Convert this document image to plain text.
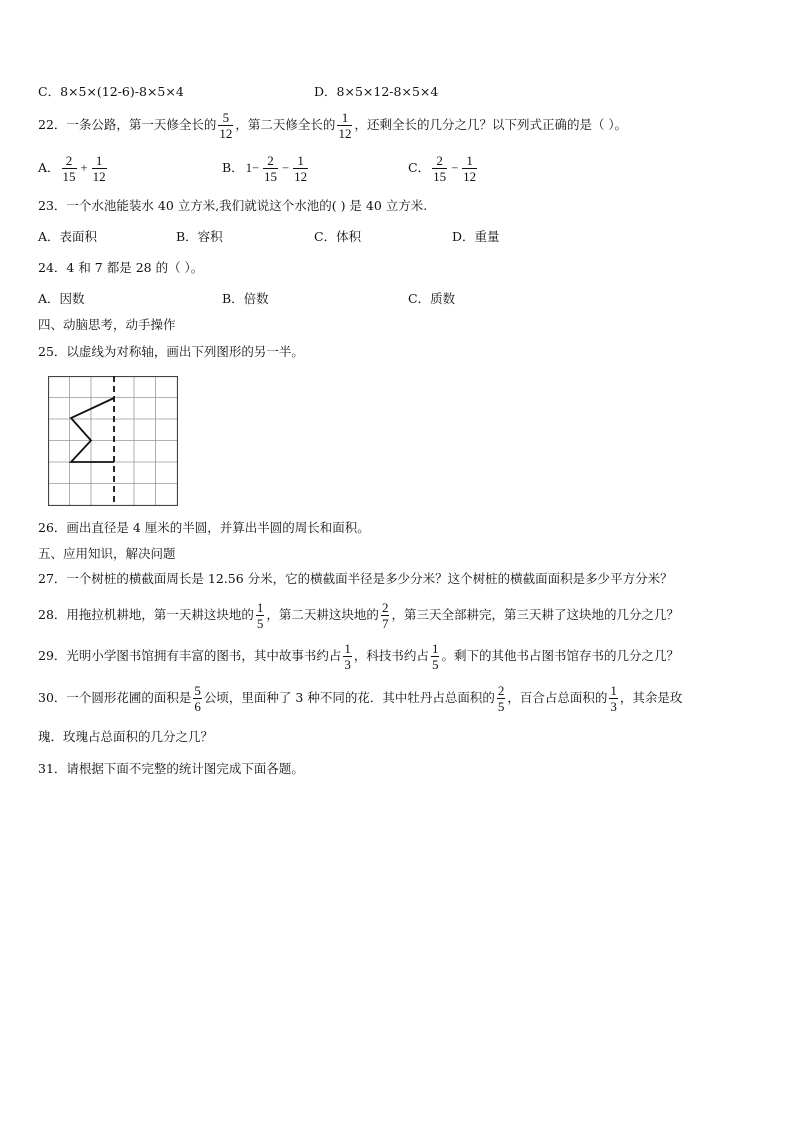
C．8×5×(12-6)-8×5×4	D．8×5×12-8×5×4
22．一条公路，第一天修全长的 $\frac{5}{12}$ ，第二天修全长的 $\frac{1}{12}$ ，还剩全长的几分之几？以下列式正确的是（ ）。
A． $\frac{2}{15} + \frac{1}{12}$	B． $1- \frac{2}{15} - \frac{1}{12}$	C． $\frac{2}{15} - \frac{1}{12}$
23．一个水池能装水 40 立方米,我们就说这个水池的( ) 是 40 立方米.
A．表面积	B．容积	C．体积	D．重量
24．4 和 7 都是 28 的（ ）。
A．因数	B．倍数	C．质数
四、动脑思考，动手操作
25．以虚线为对称轴，画出下列图形的另一半。
26．画出直径是 4 厘米的半圆，并算出半圆的周长和面积。
五、应用知识，解决问题
27．一个树桩的横截面周长是 12.56 分米，它的横截面半径是多少分米？这个树桩的横截面面积是多少平方分米？
28．用拖拉机耕地，第一天耕这块地的 $\frac{1}{5}$ ，第二天耕这块地的 $\frac{2}{7}$ ，第三天全部耕完，第三天耕了这块地的几分之几？
29．光明小学图书馆拥有丰富的图书，其中故事书约占 $\frac{1}{3}$ ，科技书约占 $\frac{1}{5}$ 。剩下的其他书占图书馆存书的几分之几？
30．一个圆形花圃的面积是 $\frac{5}{6}$ 公顷，里面种了 3 种不同的花．其中牡丹占总面积的 $\frac{2}{5}$ ，百合占总面积的 $\frac{1}{3}$ ，其余是玫
瑰．玫瑰占总面积的几分之几？
31．请根据下面不完整的统计图完成下面各题。
